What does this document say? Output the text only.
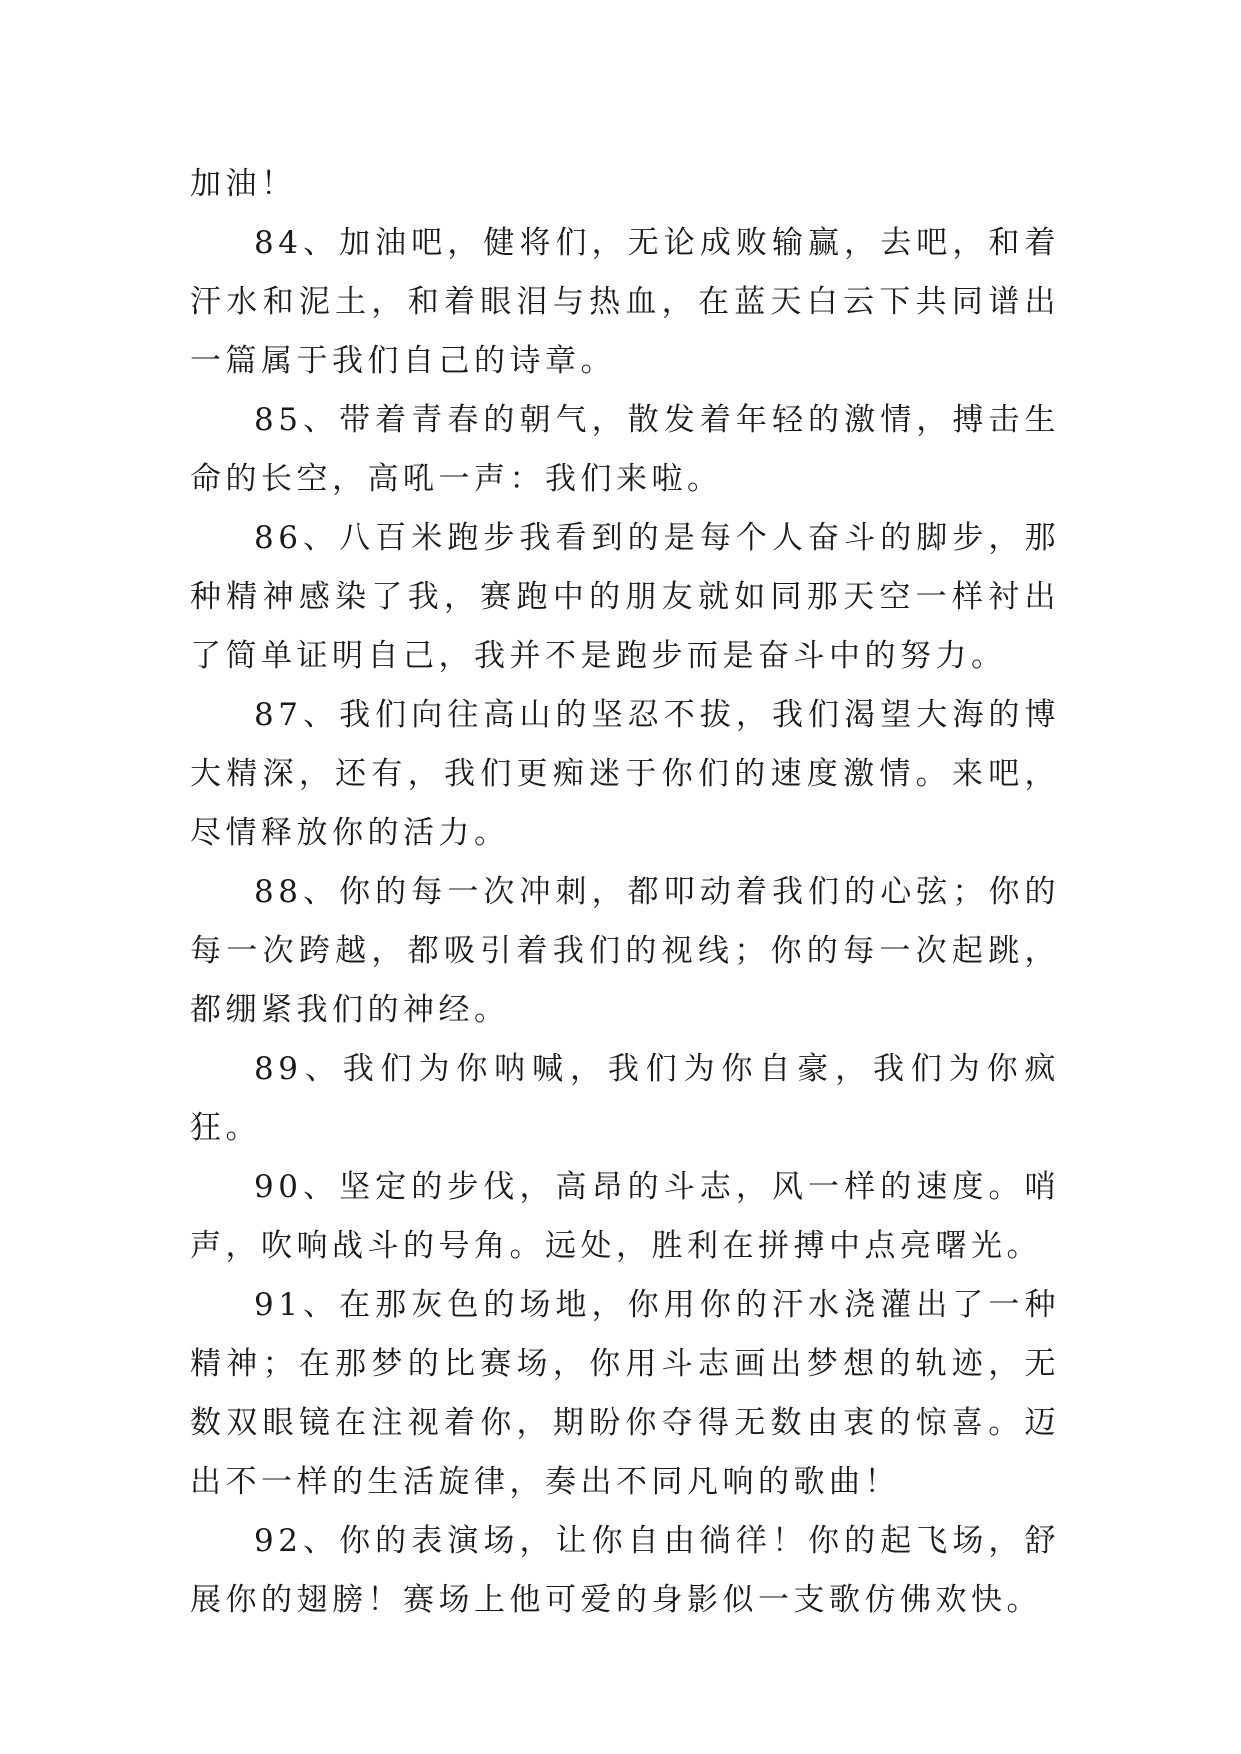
加油！

84、加油吧，健将们，无论成败输赢，去吧，和着汗水和泥土，和着眼泪与热血，在蓝天白云下共同谱出一篇属于我们自己的诗章。

85、带着青春的朝气，散发着年轻的激情，搏击生命的长空，高吼一声：我们来啦。

86、八百米跑步我看到的是每个人奋斗的脚步，那种精神感染了我，赛跑中的朋友就如同那天空一样衬出了简单证明自己，我并不是跑步而是奋斗中的努力。

87、我们向往高山的坚忍不拔，我们渴望大海的博大精深，还有，我们更痴迷于你们的速度激情。来吧，尽情释放你的活力。

88、你的每一次冲刺，都叩动着我们的心弦；你的每一次跨越，都吸引着我们的视线；你的每一次起跳，都绷紧我们的神经。

89、我们为你呐喊，我们为你自豪，我们为你疯狂。

90、坚定的步伐，高昂的斗志，风一样的速度。哨声，吹响战斗的号角。远处，胜利在拼搏中点亮曙光。

91、在那灰色的场地，你用你的汗水浇灌出了一种精神；在那梦的比赛场，你用斗志画出梦想的轨迹，无数双眼镜在注视着你，期盼你夺得无数由衷的惊喜。迈出不一样的生活旋律，奏出不同凡响的歌曲！

92、你的表演场，让你自由徜徉！你的起飞场，舒展你的翅膀！赛场上他可爱的身影似一支歌仿佛欢快。
